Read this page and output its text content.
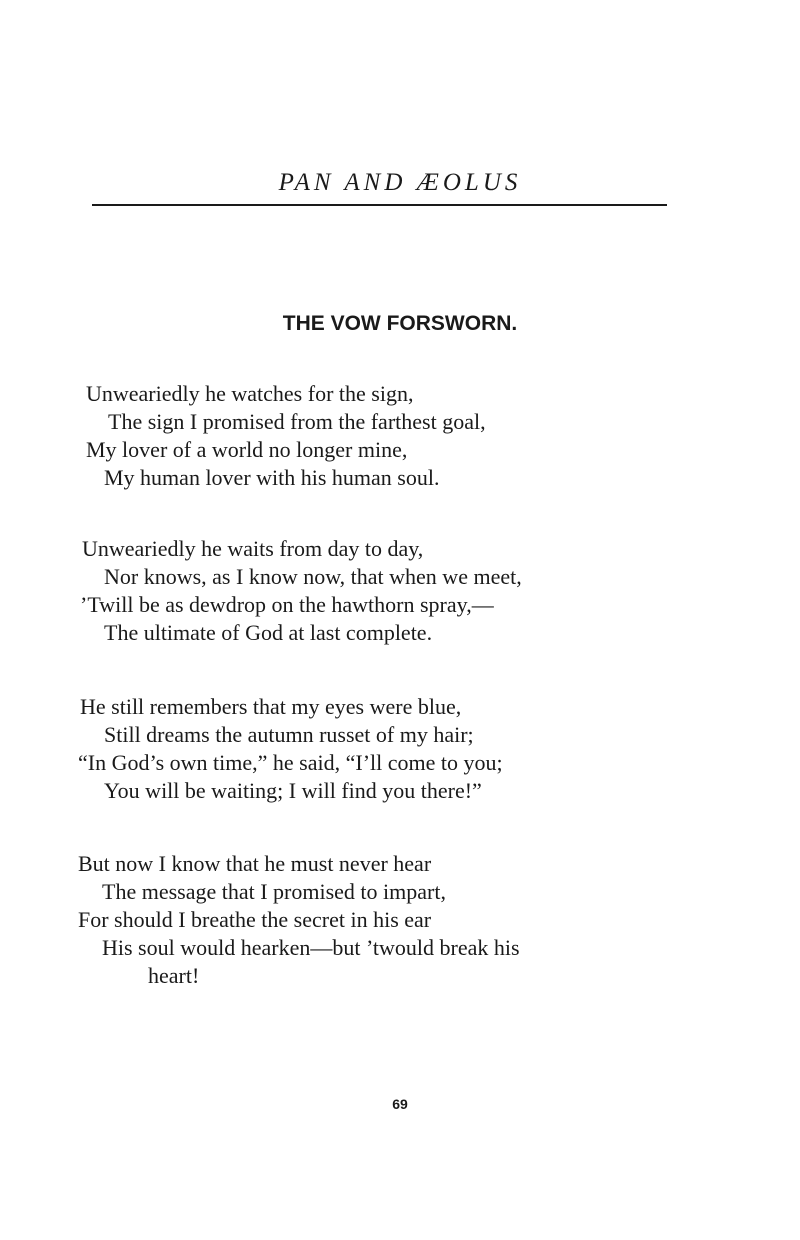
PAN AND ÆOLUS
THE VOW FORSWORN.
Unweariedly he watches for the sign,
The sign I promised from the farthest goal,
My lover of a world no longer mine,
My human lover with his human soul.
Unweariedly he waits from day to day,
Nor knows, as I know now, that when we meet,
’Twill be as dewdrop on the hawthorn spray,—
The ultimate of God at last complete.
He still remembers that my eyes were blue,
Still dreams the autumn russet of my hair;
“In God’s own time,” he said, “I’ll come to you;
You will be waiting; I will find you there!”
But now I know that he must never hear
The message that I promised to impart,
For should I breathe the secret in his ear
His soul would hearken—but ’twould break his
heart!
69
